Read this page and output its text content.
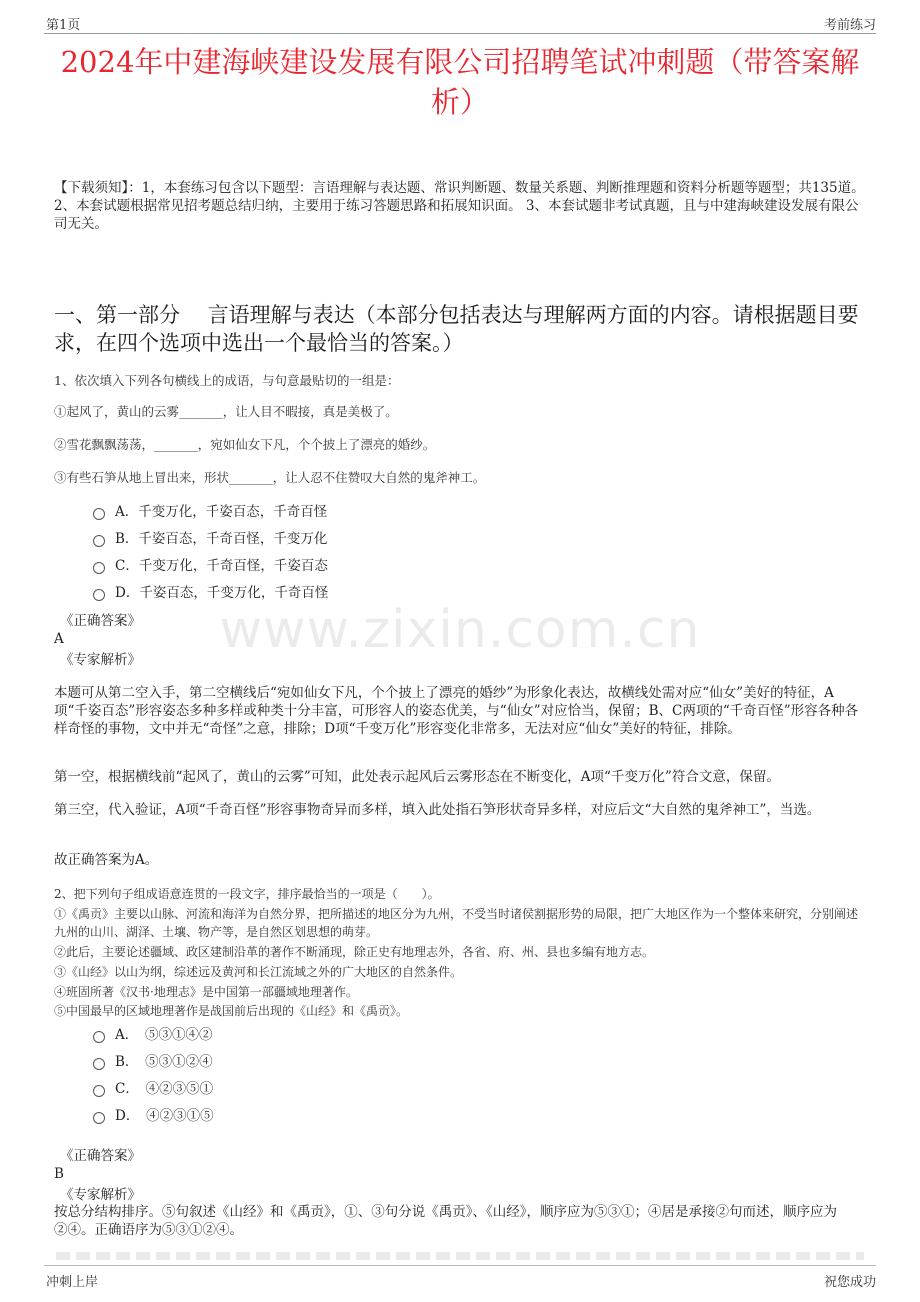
第1页	考前练习
2024年中建海峡建设发展有限公司招聘笔试冲刺题（带答案解析）
【下载须知】：1，本套练习包含以下题型：言语理解与表达题、常识判断题、数量关系题、判断推理题和资料分析题等题型；共135道。 2、本套试题根据常见招考题总结归纳，主要用于练习答题思路和拓展知识面。 3、本套试题非考试真题，且与中建海峡建设发展有限公司无关。
一、第一部分　 言语理解与表达（本部分包括表达与理解两方面的内容。请根据题目要求，在四个选项中选出一个最恰当的答案。）
1、依次填入下列各句横线上的成语，与句意最贴切的一组是：
①起风了，黄山的云雾_______，让人目不暇接，真是美极了。
②雪花飘飘荡荡，_______，宛如仙女下凡，个个披上了漂亮的婚纱。
③有些石笋从地上冒出来，形状_______，让人忍不住赞叹大自然的鬼斧神工。
A．千变万化，千姿百态，千奇百怪
B．千姿百态，千奇百怪，千变万化
C．千变万化，千奇百怪，千姿百态
D．千姿百态，千变万化，千奇百怪
《正确答案》
A
《专家解析》
本题可从第二空入手，第二空横线后“宛如仙女下凡，个个披上了漂亮的婚纱”为形象化表达，故横线处需对应“仙女”美好的特征，A项“千姿百态”形容姿态多种多样或种类十分丰富，可形容人的姿态优美，与“仙女”对应恰当，保留；B、C两项的“千奇百怪”形容各种各样奇怪的事物，文中并无“奇怪”之意，排除；D项“千变万化”形容变化非常多，无法对应“仙女”美好的特征，排除。
第一空，根据横线前“起风了，黄山的云雾”可知，此处表示起风后云雾形态在不断变化，A项“千变万化”符合文意，保留。
第三空，代入验证，A项“千奇百怪”形容事物奇异而多样，填入此处指石笋形状奇异多样，对应后文“大自然的鬼斧神工”，当选。
故正确答案为A。
2、把下列句子组成语意连贯的一段文字，排序最恰当的一项是（　　）。
①《禹贡》主要以山脉、河流和海洋为自然分界，把所描述的地区分为九州，不受当时诸侯割据形势的局限，把广大地区作为一个整体来研究，分别阐述九州的山川、湖泽、土壤、物产等，是自然区划思想的萌芽。
②此后，主要论述疆域、政区建制沿革的著作不断涌现，除正史有地理志外，各省、府、州、县也多编有地方志。
③《山经》以山为纲，综述远及黄河和长江流域之外的广大地区的自然条件。
④班固所著《汉书·地理志》是中国第一部疆域地理著作。
⑤中国最早的区域地理著作是战国前后出现的《山经》和《禹贡》。
A．　⑤③①④②
B．　⑤③①②④
C．　④②③⑤①
D．　④②③①⑤
《正确答案》
B
《专家解析》
按总分结构排序。⑤句叙述《山经》和《禹贡》，①、③句分说《禹贡》、《山经》，顺序应为⑤③①；④居是承接②句而述，顺序应为②④。正确语序为⑤③①②④。
www.zixin.com.cn
冲刺上岸	祝您成功
